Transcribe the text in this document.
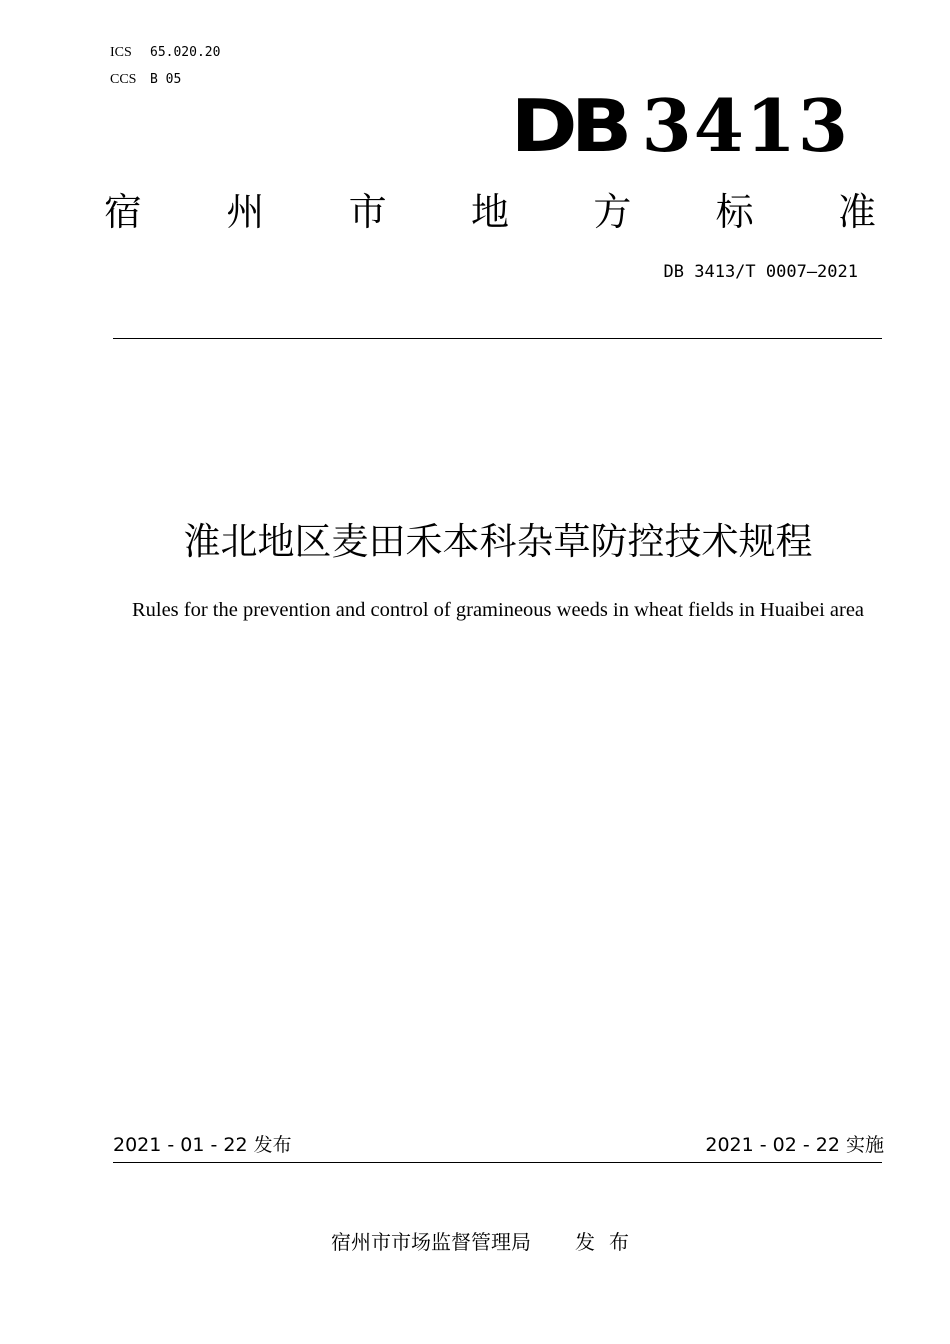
ICS 65.020.20
CCS B 05
DB 3413
宿 州 市 地 方 标 准
DB 3413/T 0007—2021
淮北地区麦田禾本科杂草防控技术规程
Rules for the prevention and control of gramineous weeds in wheat fields in Huaibei area
2021 - 01 - 22 发布	2021 - 02 - 22 实施
宿州市市场监督管理局 发布
